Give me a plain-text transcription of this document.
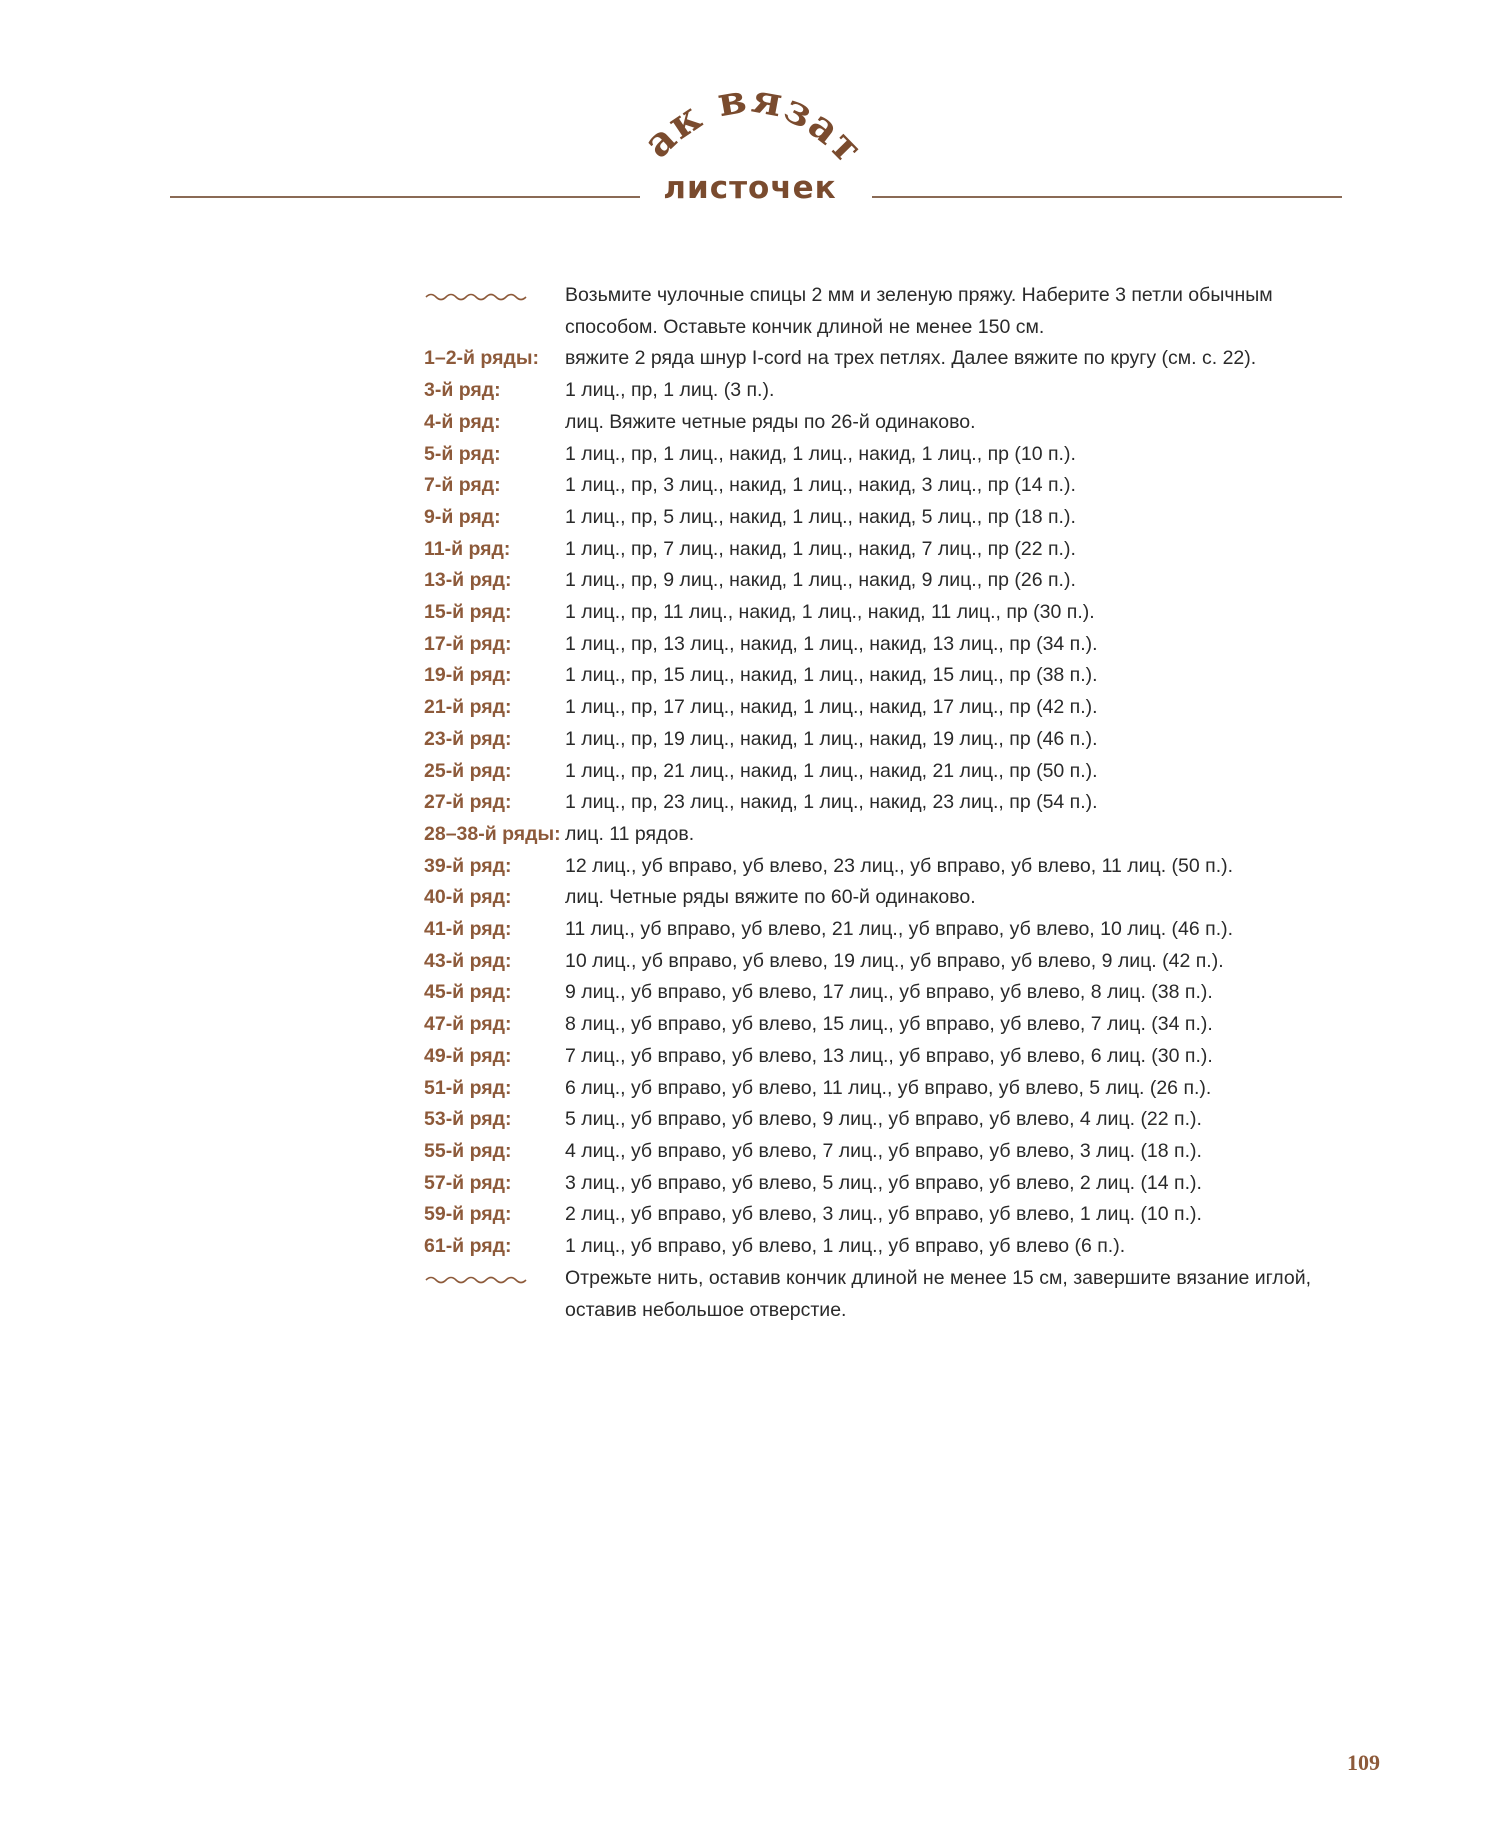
Как вязать
листочек
Возьмите чулочные спицы 2 мм и зеленую пряжу. Наберите 3 петли обычным способом. Оставьте кончик длиной не менее 150 см.
1–2-й ряды:	вяжите 2 ряда шнур I-cord на трех петлях. Далее вяжите по кругу (см. с. 22).
3-й ряд:	1 лиц., пр, 1 лиц. (3 п.).
4-й ряд:	лиц. Вяжите четные ряды по 26-й одинаково.
5-й ряд:	1 лиц., пр, 1 лиц., накид, 1 лиц., накид, 1 лиц., пр (10 п.).
7-й ряд:	1 лиц., пр, 3 лиц., накид, 1 лиц., накид, 3 лиц., пр (14 п.).
9-й ряд:	1 лиц., пр, 5 лиц., накид, 1 лиц., накид, 5 лиц., пр (18 п.).
11-й ряд:	1 лиц., пр, 7 лиц., накид, 1 лиц., накид, 7 лиц., пр (22 п.).
13-й ряд:	1 лиц., пр, 9 лиц., накид, 1 лиц., накид, 9 лиц., пр (26 п.).
15-й ряд:	1 лиц., пр, 11 лиц., накид, 1 лиц., накид, 11 лиц., пр (30 п.).
17-й ряд:	1 лиц., пр, 13 лиц., накид, 1 лиц., накид, 13 лиц., пр (34 п.).
19-й ряд:	1 лиц., пр, 15 лиц., накид, 1 лиц., накид, 15 лиц., пр (38 п.).
21-й ряд:	1 лиц., пр, 17 лиц., накид, 1 лиц., накид, 17 лиц., пр (42 п.).
23-й ряд:	1 лиц., пр, 19 лиц., накид, 1 лиц., накид, 19 лиц., пр (46 п.).
25-й ряд:	1 лиц., пр, 21 лиц., накид, 1 лиц., накид, 21 лиц., пр (50 п.).
27-й ряд:	1 лиц., пр, 23 лиц., накид, 1 лиц., накид, 23 лиц., пр (54 п.).
28–38-й ряды: лиц. 11 рядов.
39-й ряд:	12 лиц., уб вправо, уб влево, 23 лиц., уб вправо, уб влево, 11 лиц. (50 п.).
40-й ряд:	лиц. Четные ряды вяжите по 60-й одинаково.
41-й ряд:	11 лиц., уб вправо, уб влево, 21 лиц., уб вправо, уб влево, 10 лиц. (46 п.).
43-й ряд:	10 лиц., уб вправо, уб влево, 19 лиц., уб вправо, уб влево, 9 лиц. (42 п.).
45-й ряд:	9 лиц., уб вправо, уб влево, 17 лиц., уб вправо, уб влево, 8 лиц. (38 п.).
47-й ряд:	8 лиц., уб вправо, уб влево, 15 лиц., уб вправо, уб влево, 7 лиц. (34 п.).
49-й ряд:	7 лиц., уб вправо, уб влево, 13 лиц., уб вправо, уб влево, 6 лиц. (30 п.).
51-й ряд:	6 лиц., уб вправо, уб влево, 11 лиц., уб вправо, уб влево, 5 лиц. (26 п.).
53-й ряд:	5 лиц., уб вправо, уб влево, 9 лиц., уб вправо, уб влево, 4 лиц. (22 п.).
55-й ряд:	4 лиц., уб вправо, уб влево, 7 лиц., уб вправо, уб влево, 3 лиц. (18 п.).
57-й ряд:	3 лиц., уб вправо, уб влево, 5 лиц., уб вправо, уб влево, 2 лиц. (14 п.).
59-й ряд:	2 лиц., уб вправо, уб влево, 3 лиц., уб вправо, уб влево, 1 лиц. (10 п.).
61-й ряд:	1 лиц., уб вправо, уб влево, 1 лиц., уб вправо, уб влево (6 п.).
Отрежьте нить, оставив кончик длиной не менее 15 см, завершите вязание иглой, оставив небольшое отверстие.
109
